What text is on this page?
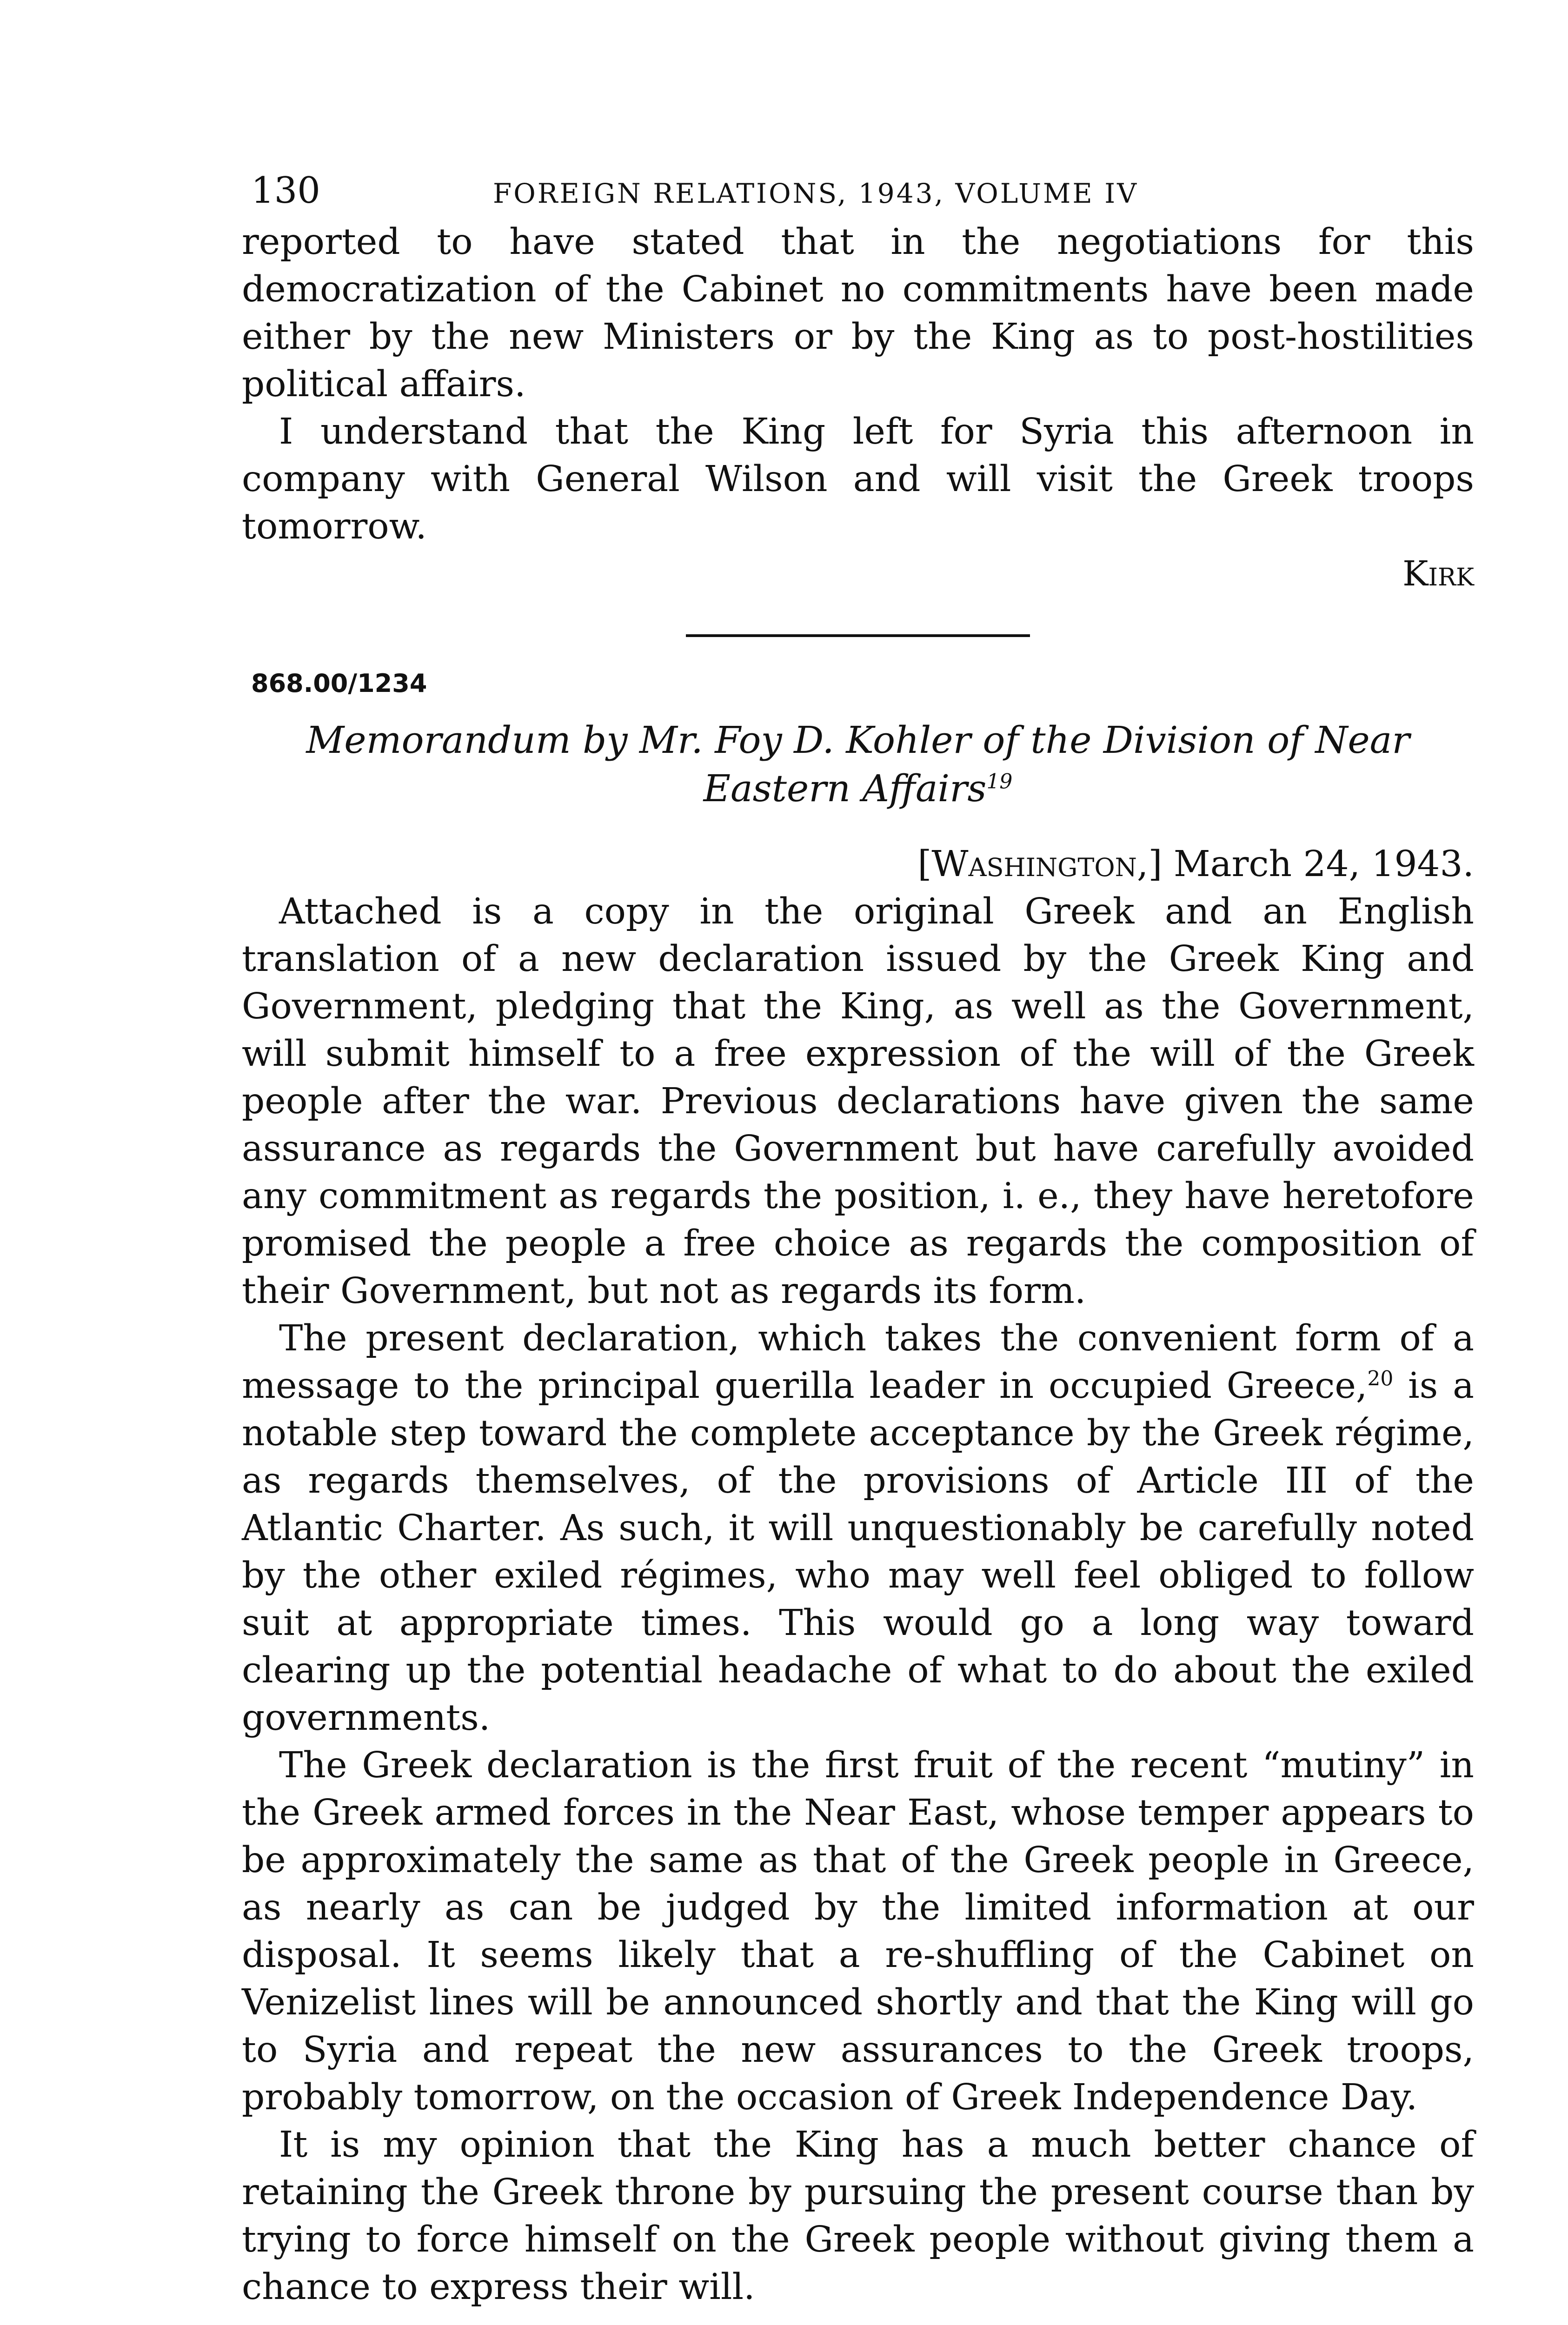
130	FOREIGN RELATIONS, 1943, VOLUME IV

reported to have stated that in the negotiations for this democratization of the Cabinet no commitments have been made either by the new Ministers or by the King as to post-hostilities political affairs.

I understand that the King left for Syria this afternoon in company with General Wilson and will visit the Greek troops tomorrow.

Kirk

868.00/1234

Memorandum by Mr. Foy D. Kohler of the Division of Near Eastern Affairs$^{19}$

[Washington,] March 24, 1943.

Attached is a copy in the original Greek and an English translation of a new declaration issued by the Greek King and Government, pledging that the King, as well as the Government, will submit himself to a free expression of the will of the Greek people after the war. Previous declarations have given the same assurance as regards the Government but have carefully avoided any commitment as regards the position, i. e., they have heretofore promised the people a free choice as regards the composition of their Government, but not as regards its form.

The present declaration, which takes the convenient form of a message to the principal guerilla leader in occupied Greece,$^{20}$ is a notable step toward the complete acceptance by the Greek régime, as regards themselves, of the provisions of Article III of the Atlantic Charter. As such, it will unquestionably be carefully noted by the other exiled régimes, who may well feel obliged to follow suit at appropriate times. This would go a long way toward clearing up the potential headache of what to do about the exiled governments.

The Greek declaration is the first fruit of the recent “mutiny” in the Greek armed forces in the Near East, whose temper appears to be approximately the same as that of the Greek people in Greece, as nearly as can be judged by the limited information at our disposal. It seems likely that a re-shuffling of the Cabinet on Venizelist lines will be announced shortly and that the King will go to Syria and repeat the new assurances to the Greek troops, probably tomorrow, on the occasion of Greek Independence Day.

It is my opinion that the King has a much better chance of retaining the Greek throne by pursuing the present course than by trying to force himself on the Greek people without giving them a chance to express their will.
